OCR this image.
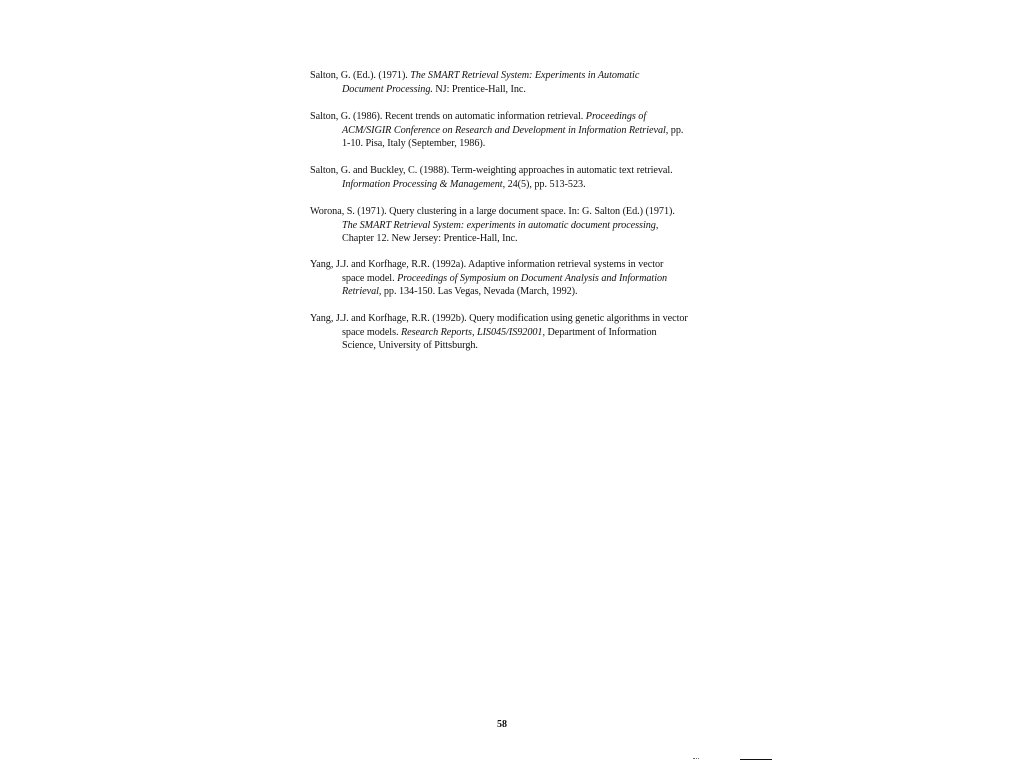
Salton, G. (Ed.). (1971). The SMART Retrieval System: Experiments in Automatic
Document Processing. NJ: Prentice-Hall, Inc.
Salton, G. (1986). Recent trends on automatic information retrieval. Proceedings of
ACM/SIGIR Conference on Research and Development in Information Retrieval, pp.
1-10. Pisa, Italy (September, 1986).
Salton, G. and Buckley, C. (1988). Term-weighting approaches in automatic text retrieval.
Information Processing & Management, 24(5), pp. 513-523.
Worona, S. (1971). Query clustering in a large document space. In: G. Salton (Ed.) (1971).
The SMART Retrieval System: experiments in automatic document processing,
Chapter 12. New Jersey: Prentice-Hall, Inc.
Yang, J.J. and Korfhage, R.R. (1992a). Adaptive information retrieval systems in vector
space model. Proceedings of Symposium on Document Analysis and Information
Retrieval, pp. 134-150. Las Vegas, Nevada (March, 1992).
Yang, J.J. and Korfhage, R.R. (1992b). Query modification using genetic algorithms in vector
space models. Research Reports, LIS045/IS92001, Department of Information
Science, University of Pittsburgh.
58
